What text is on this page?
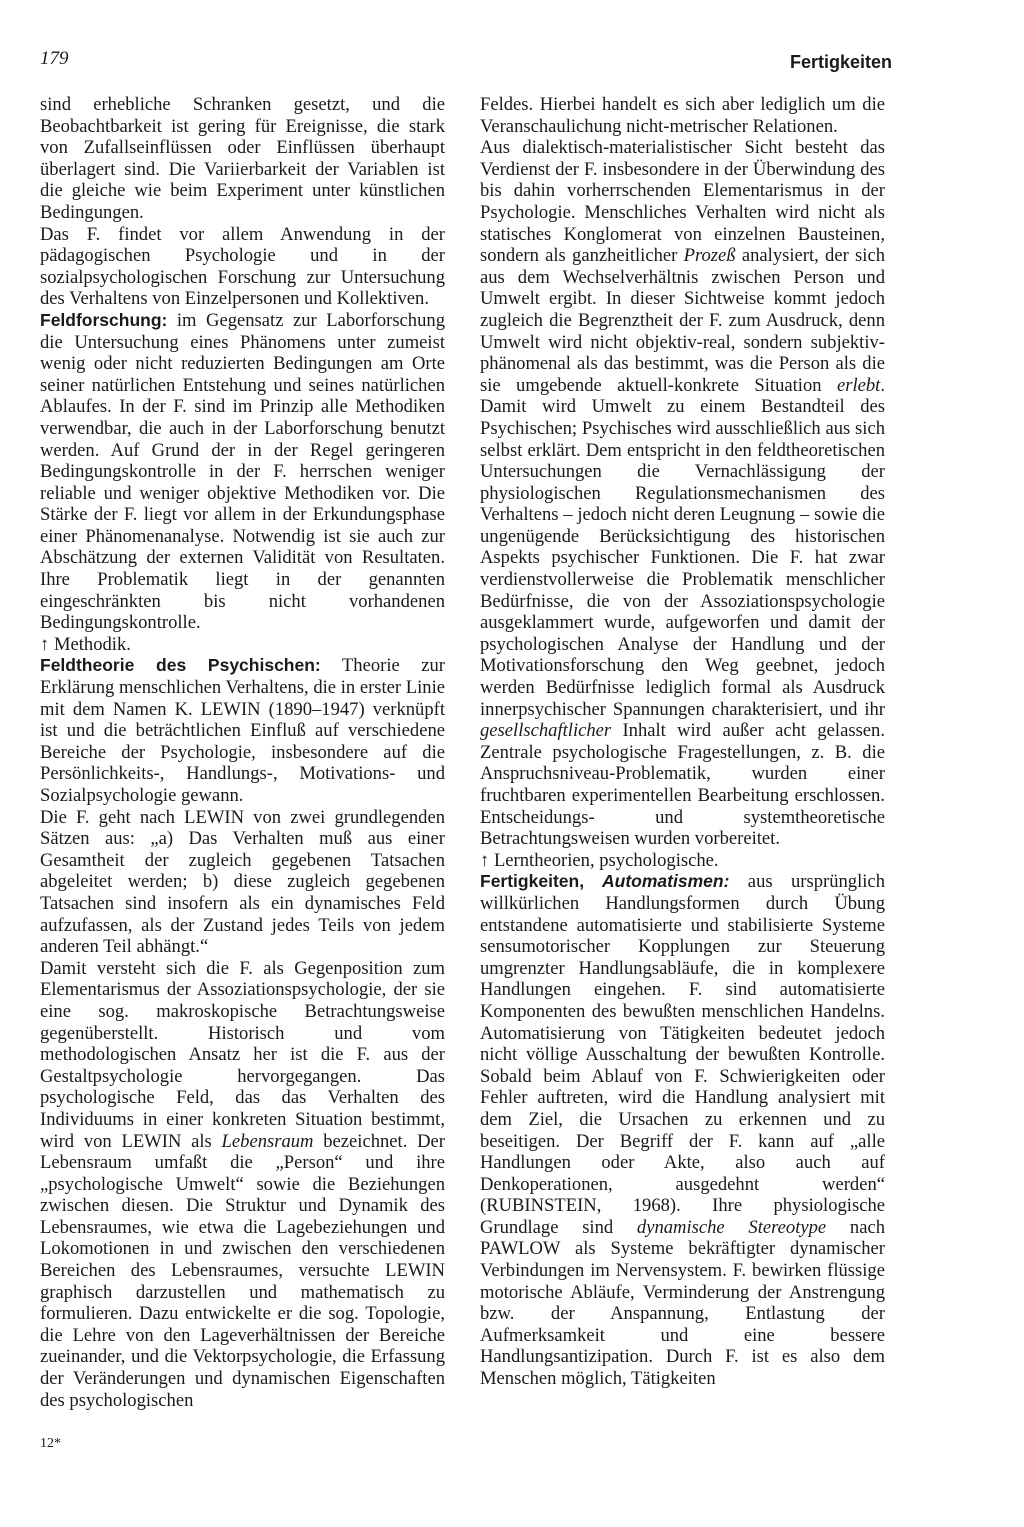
179	Fertigkeiten

sind erhebliche Schranken gesetzt, und die Beobachtbarkeit ist gering für Ereignisse, die stark von Zufallseinflüssen oder Einflüssen überhaupt überlagert sind. Die Variierbarkeit der Variablen ist die gleiche wie beim Experiment unter künstlichen Bedingungen.

Das F. findet vor allem Anwendung in der pädagogischen Psychologie und in der sozialpsychologischen Forschung zur Untersuchung des Verhaltens von Einzelpersonen und Kollektiven.

Feldforschung: im Gegensatz zur Laborforschung die Untersuchung eines Phänomens unter zumeist wenig oder nicht reduzierten Bedingungen am Orte seiner natürlichen Entstehung und seines natürlichen Ablaufes. In der F. sind im Prinzip alle Methodiken verwendbar, die auch in der Laborforschung benutzt werden. Auf Grund der in der Regel geringeren Bedingungskontrolle in der F. herrschen weniger reliable und weniger objektive Methodiken vor. Die Stärke der F. liegt vor allem in der Erkundungsphase einer Phänomenanalyse. Notwendig ist sie auch zur Abschätzung der externen Validität von Resultaten. Ihre Problematik liegt in der genannten eingeschränkten bis nicht vorhandenen Bedingungskontrolle.

↑ Methodik.

Feldtheorie des Psychischen: Theorie zur Erklärung menschlichen Verhaltens, die in erster Linie mit dem Namen K. LEWIN (1890–1947) verknüpft ist und die beträchtlichen Einfluß auf verschiedene Bereiche der Psychologie, insbesondere auf die Persönlichkeits-, Handlungs-, Motivations- und Sozialpsychologie gewann.

Die F. geht nach LEWIN von zwei grundlegenden Sätzen aus: „a) Das Verhalten muß aus einer Gesamtheit der zugleich gegebenen Tatsachen abgeleitet werden; b) diese zugleich gegebenen Tatsachen sind insofern als ein dynamisches Feld aufzufassen, als der Zustand jedes Teils von jedem anderen Teil abhängt.“

Damit versteht sich die F. als Gegenposition zum Elementarismus der Assoziationspsychologie, der sie eine sog. makroskopische Betrachtungsweise gegenüberstellt. Historisch und vom methodologischen Ansatz her ist die F. aus der Gestaltpsychologie hervorgegangen. Das psychologische Feld, das das Verhalten des Individuums in einer konkreten Situation bestimmt, wird von LEWIN als Lebensraum bezeichnet. Der Lebensraum umfaßt die „Person“ und ihre „psychologische Umwelt“ sowie die Beziehungen zwischen diesen. Die Struktur und Dynamik des Lebensraumes, wie etwa die Lagebeziehungen und Lokomotionen in und zwischen den verschiedenen Bereichen des Lebensraumes, versuchte LEWIN graphisch darzustellen und mathematisch zu formulieren. Dazu entwickelte er die sog. Topologie, die Lehre von den Lageverhältnissen der Bereiche zueinander, und die Vektorpsychologie, die Erfassung der Veränderungen und dynamischen Eigenschaften des psychologischen

Feldes. Hierbei handelt es sich aber lediglich um die Veranschaulichung nicht-metrischer Relationen.

Aus dialektisch-materialistischer Sicht besteht das Verdienst der F. insbesondere in der Überwindung des bis dahin vorherrschenden Elementarismus in der Psychologie. Menschliches Verhalten wird nicht als statisches Konglomerat von einzelnen Bausteinen, sondern als ganzheitlicher Prozeß analysiert, der sich aus dem Wechselverhältnis zwischen Person und Umwelt ergibt. In dieser Sichtweise kommt jedoch zugleich die Begrenztheit der F. zum Ausdruck, denn Umwelt wird nicht objektiv-real, sondern subjektiv-phänomenal als das bestimmt, was die Person als die sie umgebende aktuell-konkrete Situation erlebt. Damit wird Umwelt zu einem Bestandteil des Psychischen; Psychisches wird ausschließlich aus sich selbst erklärt. Dem entspricht in den feldtheoretischen Untersuchungen die Vernachlässigung der physiologischen Regulationsmechanismen des Verhaltens – jedoch nicht deren Leugnung – sowie die ungenügende Berücksichtigung des historischen Aspekts psychischer Funktionen. Die F. hat zwar verdienstvollerweise die Problematik menschlicher Bedürfnisse, die von der Assoziationspsychologie ausgeklammert wurde, aufgeworfen und damit der psychologischen Analyse der Handlung und der Motivationsforschung den Weg geebnet, jedoch werden Bedürfnisse lediglich formal als Ausdruck innerpsychischer Spannungen charakterisiert, und ihr gesellschaftlicher Inhalt wird außer acht gelassen. Zentrale psychologische Fragestellungen, z. B. die Anspruchsniveau-Problematik, wurden einer fruchtbaren experimentellen Bearbeitung erschlossen. Entscheidungs- und systemtheoretische Betrachtungsweisen wurden vorbereitet.

↑ Lerntheorien, psychologische.

Fertigkeiten, Automatismen: aus ursprünglich willkürlichen Handlungsformen durch Übung entstandene automatisierte und stabilisierte Systeme sensumotorischer Kopplungen zur Steuerung umgrenzter Handlungsabläufe, die in komplexere Handlungen eingehen. F. sind automatisierte Komponenten des bewußten menschlichen Handelns. Automatisierung von Tätigkeiten bedeutet jedoch nicht völlige Ausschaltung der bewußten Kontrolle. Sobald beim Ablauf von F. Schwierigkeiten oder Fehler auftreten, wird die Handlung analysiert mit dem Ziel, die Ursachen zu erkennen und zu beseitigen. Der Begriff der F. kann auf „alle Handlungen oder Akte, also auch auf Denkoperationen, ausgedehnt werden“ (RUBINSTEIN, 1968). Ihre physiologische Grundlage sind dynamische Stereotype nach PAWLOW als Systeme bekräftigter dynamischer Verbindungen im Nervensystem. F. bewirken flüssige motorische Abläufe, Verminderung der Anstrengung bzw. der Anspannung, Entlastung der Aufmerksamkeit und eine bessere Handlungsantizipation. Durch F. ist es also dem Menschen möglich, Tätigkeiten

12*
